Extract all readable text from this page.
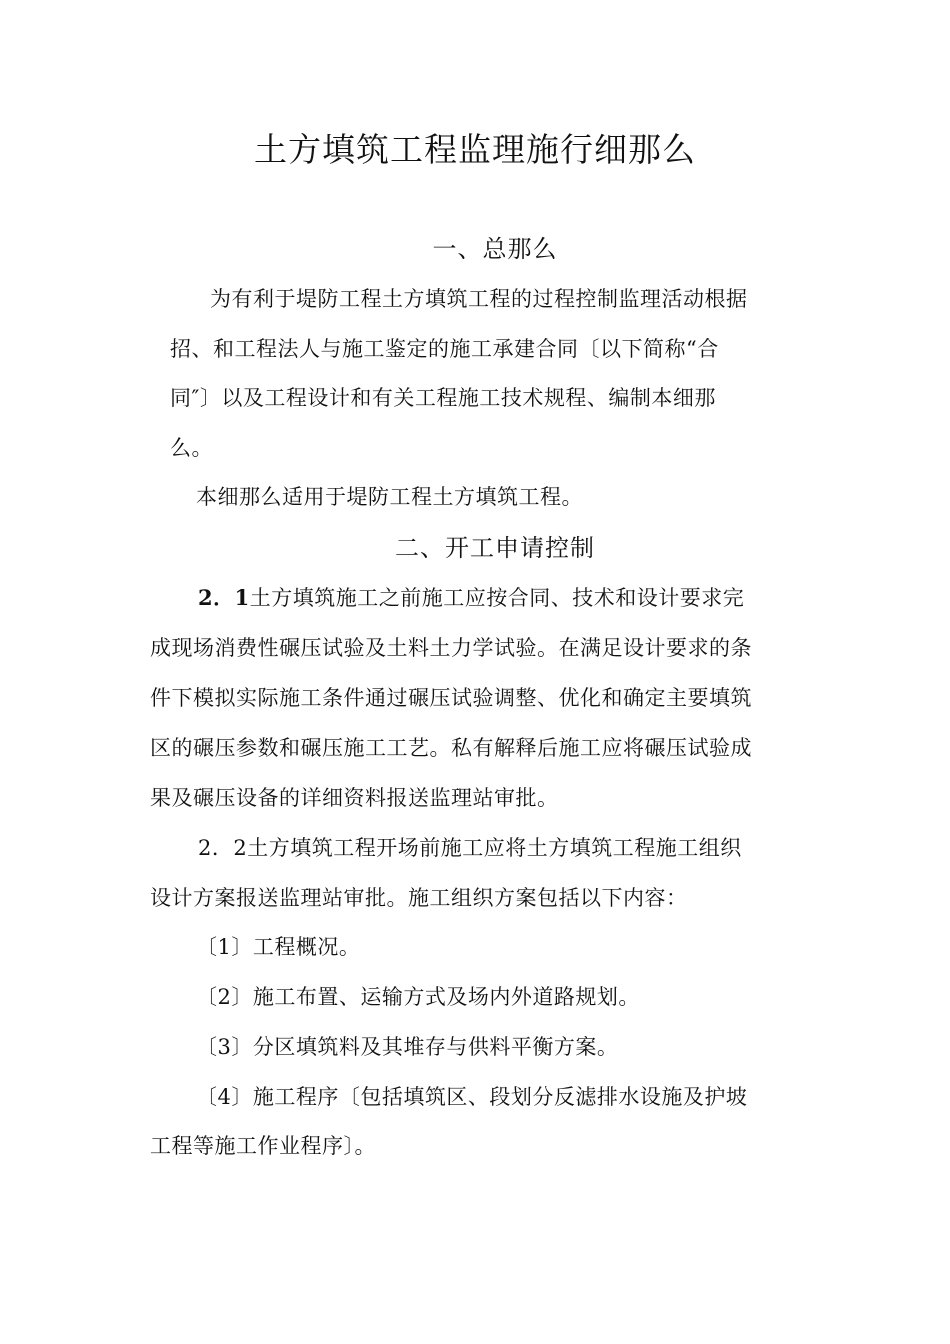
土方填筑工程监理施行细那么
一、总那么
为有利于堤防工程土方填筑工程的过程控制监理活动根据
招、和工程法人与施工鉴定的施工承建合同〔以下简称“合
同″〕以及工程设计和有关工程施工技术规程、编制本细那
么。
本细那么适用于堤防工程土方填筑工程。
二、开工申请控制
2．1土方填筑施工之前施工应按合同、技术和设计要求完
成现场消费性碾压试验及土料土力学试验。在满足设计要求的条
件下模拟实际施工条件通过碾压试验调整、优化和确定主要填筑
区的碾压参数和碾压施工工艺。私有解释后施工应将碾压试验成
果及碾压设备的详细资料报送监理站审批。
2．2土方填筑工程开场前施工应将土方填筑工程施工组织
设计方案报送监理站审批。施工组织方案包括以下内容：
〔1〕工程概况。
〔2〕施工布置、运输方式及场内外道路规划。
〔3〕分区填筑料及其堆存与供料平衡方案。
〔4〕施工程序〔包括填筑区、段划分反滤排水设施及护坡
工程等施工作业程序〕。
